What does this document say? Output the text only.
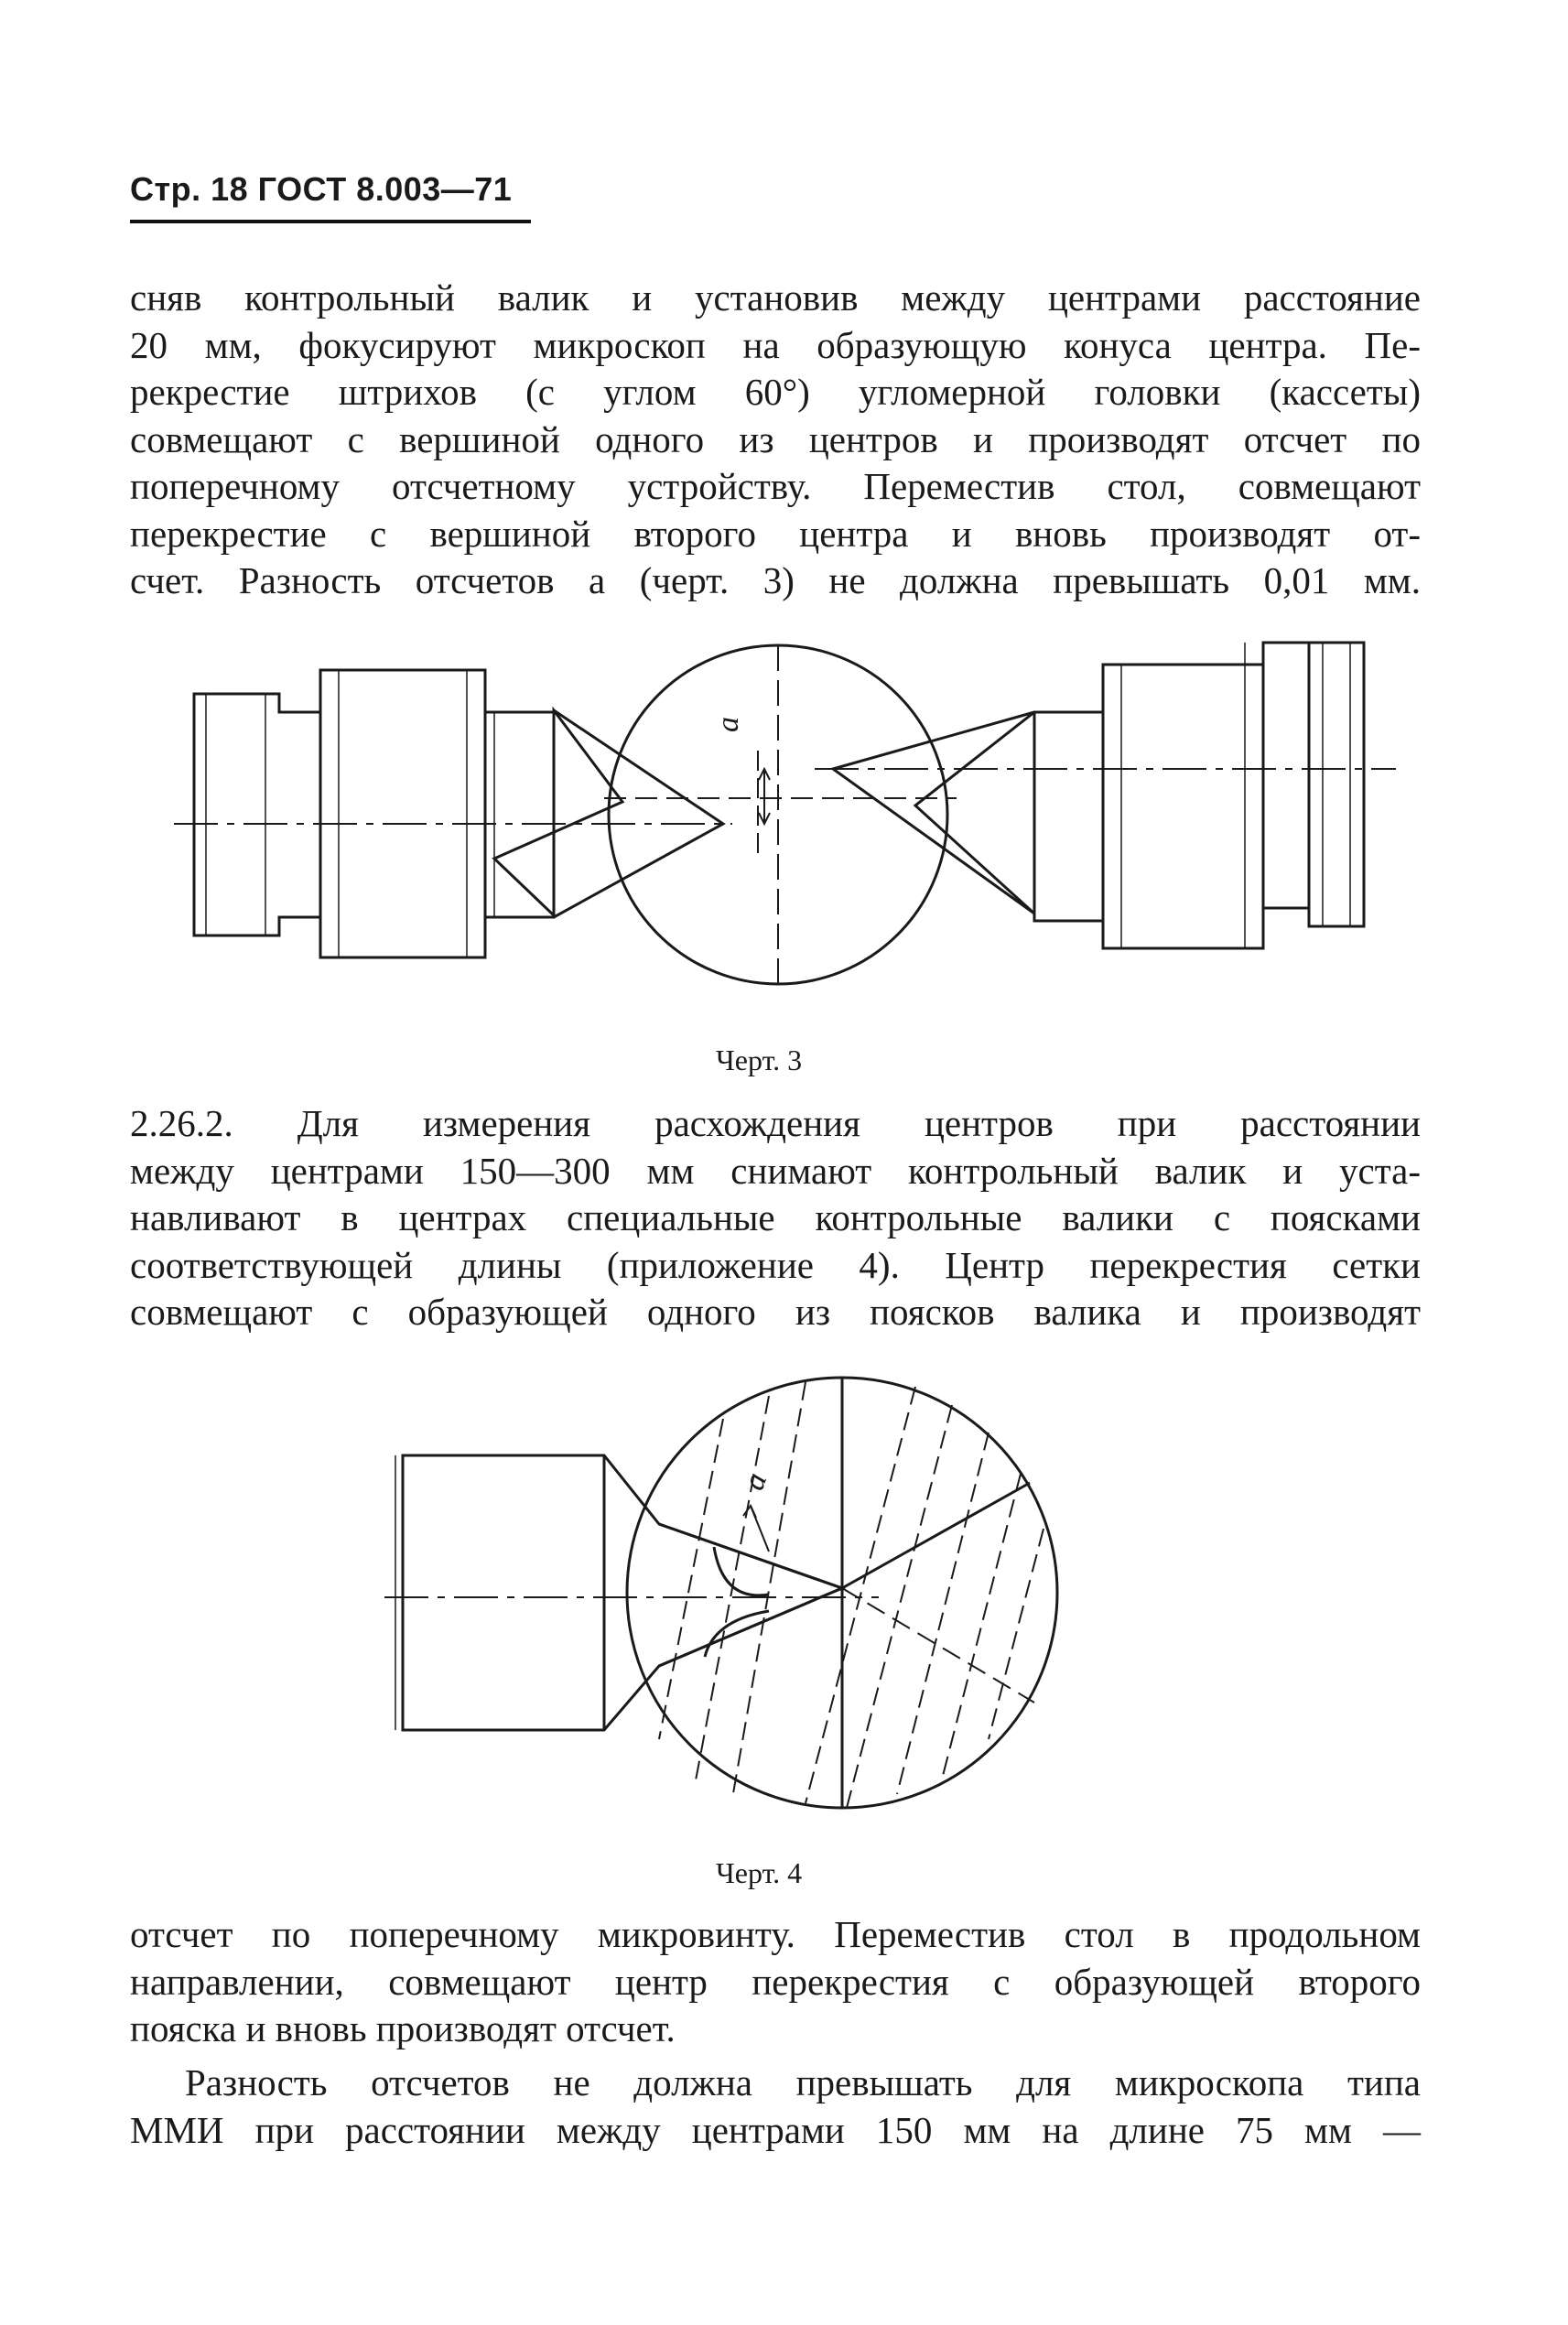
Стр. 18 ГОСТ 8.003—71
сняв контрольный валик и установив между центрами расстояние
20 мм, фокусируют микроскоп на образующую конуса центра. Пе-
рекрестие штрихов (с углом 60°) угломерной головки (кассеты)
совмещают с вершиной одного из центров и производят отсчет по
поперечному отсчетному устройству. Переместив стол, совмещают
перекрестие с вершиной второго центра и вновь производят от-
счет. Разность отсчетов a (черт. 3) не должна превышать 0,01 мм.
a
Черт. 3
2.26.2. Для измерения расхождения центров при расстоянии
между центрами 150—300 мм снимают контрольный валик и уста-
навливают в центрах специальные контрольные валики с поясками
соответствующей длины (приложение 4). Центр перекрестия сетки
совмещают с образующей одного из поясков валика и производят
a
Черт. 4
отсчет по поперечному микровинту. Переместив стол в продольном
направлении, совмещают центр перекрестия с образующей второго
пояска и вновь производят отсчет.
Разность отсчетов не должна превышать для микроскопа типа
ММИ при расстоянии между центрами 150 мм на длине 75 мм —
